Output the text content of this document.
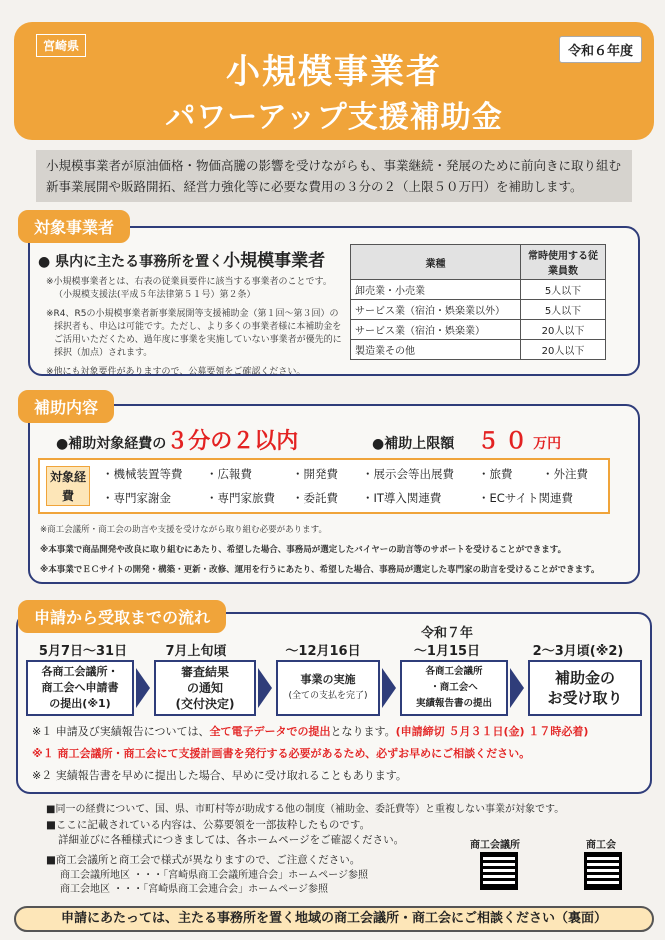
宮崎県	令和６年度
小規模事業者
パワーアップ支援補助金
小規模事業者が原油価格・物価高騰の影響を受けながらも、事業継続・発展のために前向きに取り組む
新事業展開や販路開拓、経営力強化等に必要な費用の３分の２（上限５０万円）を補助します。
対象事業者
● 県内に主たる事務所を置く小規模事業者
※小規模事業者とは、右表の従業員要件に該当する事業者のことです。
（小規模支援法(平成５年法律第５１号）第２条）
※R4、R5の小規模事業者新事業展開等支援補助金（第１回～第３回）の
採択者も、申込は可能です。ただし、より多くの事業者様に本補助金を
ご活用いただくため、過年度に事業を実施していない事業者が優先的に
採択（加点）されます。
※他にも対象要件がありますので、公募要領をご確認ください。
業種	常時使用する従業員数
卸売業・小売業	5人以下
サービス業（宿泊・娯楽業以外）	5人以下
サービス業（宿泊・娯楽業）	20人以下
製造業その他	20人以下
補助内容
●補助対象経費の３分の２以内	●補助上限額 ５０万円
対象経費
・機械装置等費 ・広報費	・開発費 ・展示会等出展費 ・旅費	・外注費
・専門家謝金	・専門家旅費 ・委託費 ・IT導入関連費	・ECサイト関連費
※商工会議所・商工会の助言や支援を受けながら取り組む必要があります。
※本事業で商品開発や改良に取り組むにあたり、希望した場合、事務局が選定したバイヤーの助言等のサポートを受けることができます。
※本事業でＥＣサイトの開発・構築・更新・改修、運用を行うにあたり、希望した場合、事務局が選定した専門家の助言を受けることができます。
申請から受取までの流れ
5月7日～31日	7月上旬頃	～12月16日
令和７年
～1月15日	2～3月頃(※2)
各商工会議所・
商工会へ申請書
の提出(※1)
審査結果
の通知
(交付決定)
事業の実施
(全ての支払を完了)
各商工会議所
・商工会へ
実績報告書の提出
補助金の
お受け取り
※１ 申請及び実績報告については、全て電子データでの提出となります。(申請締切 ５月３１日(金) １７時必着)
※１ 商工会議所・商工会にて支援計画書を発行する必要があるため、必ずお早めにご相談ください。
※２ 実績報告書を早めに提出した場合、早めに受け取れることもあります。
■同一の経費について、国、県、市町村等が助成する他の制度（補助金、委託費等）と重複しない事業が対象です。
■ここに記載されている内容は、公募要領を一部抜粋したものです。
詳細並びに各種様式につきましては、各ホームページをご確認ください。
■商工会議所と商工会で様式が異なりますので、ご注意ください。
商工会議所地区 ・・・「宮崎県商工会議所連合会」ホームページ参照
商工会地区 ・・・「宮崎県商工会連合会」ホームページ参照
商工会議所	商工会
申請にあたっては、主たる事務所を置く地域の商工会議所・商工会にご相談ください（裏面）
